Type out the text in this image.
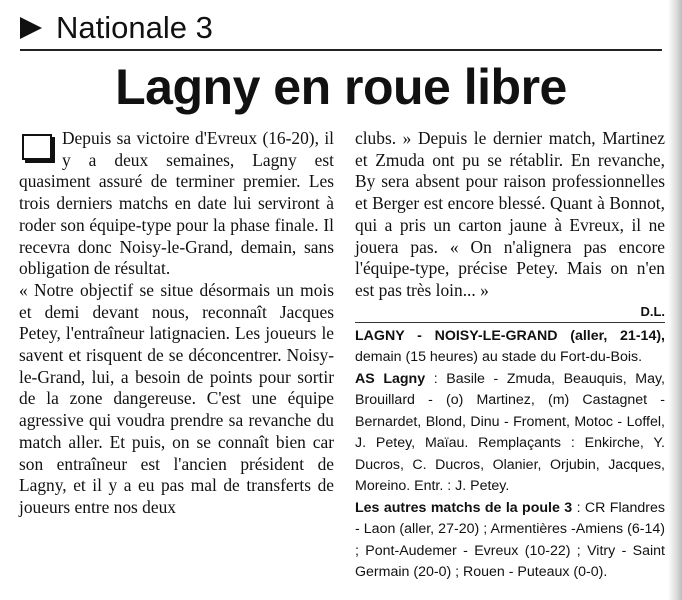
Nationale 3
Lagny en roue libre

Depuis sa victoire d'Evreux (16-20), il y a deux semaines, Lagny est quasiment assuré de terminer premier. Les trois derniers matchs en date lui serviront à roder son équipe-type pour la phase finale. Il recevra donc Noisy-le-Grand, demain, sans obligation de résultat.

« Notre objectif se situe désormais un mois et demi devant nous, reconnaît Jacques Petey, l'entraîneur latignacien. Les joueurs le savent et risquent de se déconcentrer. Noisy-le-Grand, lui, a besoin de points pour sortir de la zone dangereuse. C'est une équipe agressive qui voudra prendre sa revanche du match aller. Et puis, on se connaît bien car son entraîneur est l'ancien président de Lagny, et il y a eu pas mal de transferts de joueurs entre nos deux

clubs. » Depuis le dernier match, Martinez et Zmuda ont pu se rétablir. En revanche, By sera absent pour raison professionnelles et Berger est encore blessé. Quant à Bonnot, qui a pris un carton jaune à Evreux, il ne jouera pas. « On n'alignera pas encore l'équipe-type, précise Petey. Mais on n'en est pas très loin... »

D.L.

LAGNY - NOISY-LE-GRAND (aller, 21-14), demain (15 heures) au stade du Fort-du-Bois.

AS Lagny : Basile - Zmuda, Beauquis, May, Brouillard - (o) Martinez, (m) Castagnet - Bernardet, Blond, Dinu - Froment, Motoc - Loffel, J. Petey, Maïau. Remplaçants : Enkirche, Y. Ducros, C. Ducros, Olanier, Orjubin, Jacques, Moreino. Entr. : J. Petey.

Les autres matchs de la poule 3 : CR Flandres - Laon (aller, 27-20) ; Armentières -Amiens (6-14) ; Pont-Audemer - Evreux (10-22) ; Vitry - Saint Germain (20-0) ; Rouen - Puteaux (0-0).
